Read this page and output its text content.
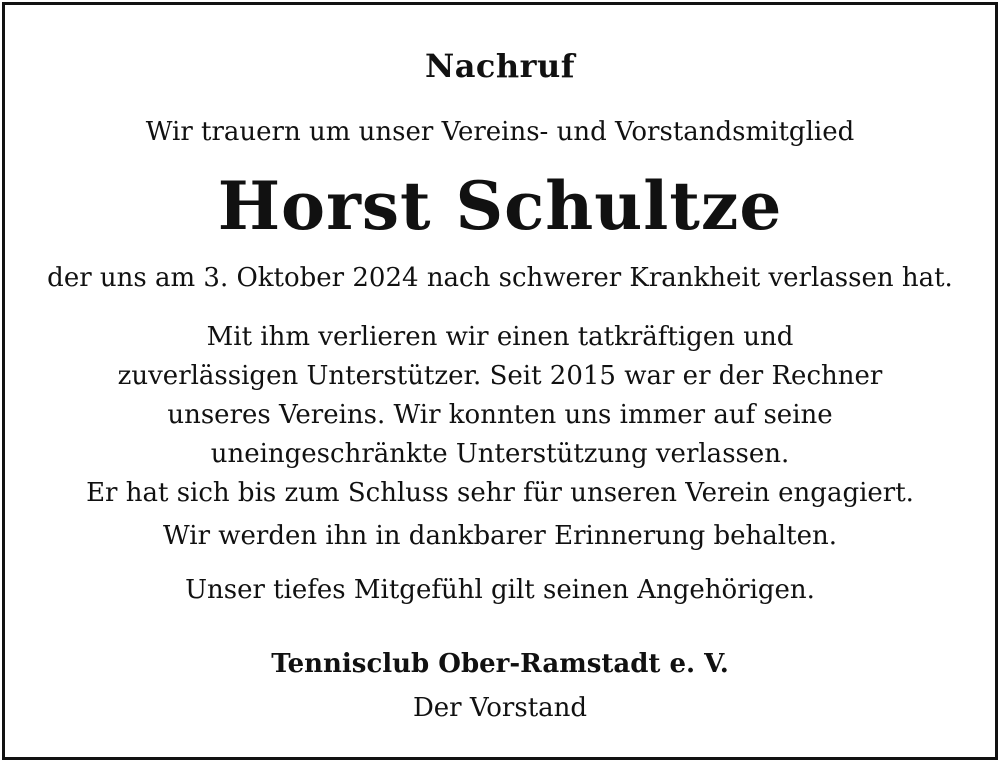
Nachruf
Wir trauern um unser Vereins- und Vorstandsmitglied
Horst Schultze
der uns am 3. Oktober 2024 nach schwerer Krankheit verlassen hat.
Mit ihm verlieren wir einen tatkräftigen und
zuverlässigen Unterstützer. Seit 2015 war er der Rechner
unseres Vereins. Wir konnten uns immer auf seine
uneingeschränkte Unterstützung verlassen.
Er hat sich bis zum Schluss sehr für unseren Verein engagiert.
Wir werden ihn in dankbarer Erinnerung behalten.
Unser tiefes Mitgefühl gilt seinen Angehörigen.
Tennisclub Ober-Ramstadt e. V.
Der Vorstand
